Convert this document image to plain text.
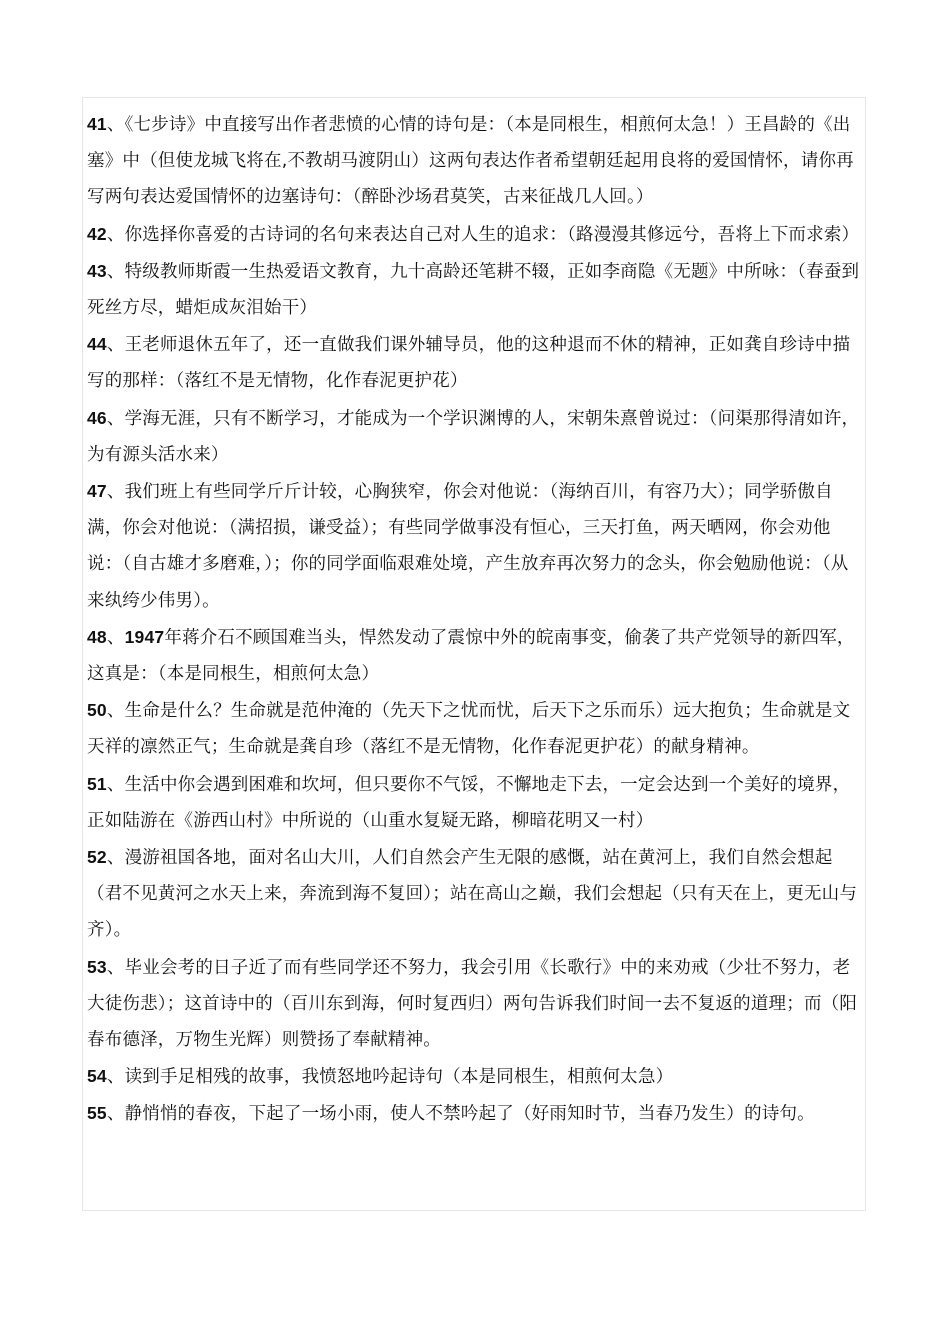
41、《七步诗》中直接写出作者悲愤的心情的诗句是：（本是同根生，相煎何太急！）王昌龄的《出塞》中（但使龙城飞将在,不教胡马渡阴山）这两句表达作者希望朝廷起用良将的爱国情怀，请你再写两句表达爱国情怀的边塞诗句：（醉卧沙场君莫笑，古来征战几人回。）

42、你选择你喜爱的古诗词的名句来表达自己对人生的追求：（路漫漫其修远兮，吾将上下而求索）

43、特级教师斯霞一生热爱语文教育，九十高龄还笔耕不辍，正如李商隐《无题》中所咏：（春蚕到死丝方尽，蜡炬成灰泪始干）

44、王老师退休五年了，还一直做我们课外辅导员，他的这种退而不休的精神，正如龚自珍诗中描写的那样：（落红不是无情物，化作春泥更护花）

46、学海无涯，只有不断学习，才能成为一个学识渊博的人，宋朝朱熹曾说过：（问渠那得清如许，为有源头活水来）

47、我们班上有些同学斤斤计较，心胸狭窄，你会对他说：（海纳百川，有容乃大）；同学骄傲自满，你会对他说：（满招损，谦受益）；有些同学做事没有恒心，三天打鱼，两天晒网，你会劝他说：（自古雄才多磨难，）；你的同学面临艰难处境，产生放弃再次努力的念头，你会勉励他说：（从来纨绔少伟男）。

48、1947年蒋介石不顾国难当头，悍然发动了震惊中外的皖南事变，偷袭了共产党领导的新四军，这真是：（本是同根生，相煎何太急）

50、生命是什么？生命就是范仲淹的（先天下之忧而忧，后天下之乐而乐）远大抱负；生命就是文天祥的凛然正气；生命就是龚自珍（落红不是无情物，化作春泥更护花）的献身精神。

51、生活中你会遇到困难和坎坷，但只要你不气馁，不懈地走下去，一定会达到一个美好的境界，正如陆游在《游西山村》中所说的（山重水复疑无路，柳暗花明又一村）

52、漫游祖国各地，面对名山大川，人们自然会产生无限的感慨，站在黄河上，我们自然会想起（君不见黄河之水天上来，奔流到海不复回）；站在高山之巅，我们会想起（只有天在上，更无山与齐）。

53、毕业会考的日子近了而有些同学还不努力，我会引用《长歌行》中的来劝戒（少壮不努力，老大徒伤悲）；这首诗中的（百川东到海，何时复西归）两句告诉我们时间一去不复返的道理；而（阳春布德泽，万物生光辉）则赞扬了奉献精神。

54、读到手足相残的故事，我愤怒地吟起诗句（本是同根生，相煎何太急）

55、静悄悄的春夜，下起了一场小雨，使人不禁吟起了（好雨知时节，当春乃发生）的诗句。
